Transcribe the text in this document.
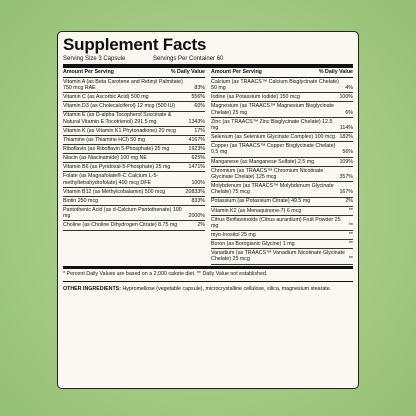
Supplement Facts
Serving Size 3 Capsule	Servings Per Container 60
Amount Per Serving	% Daily Value
Vitamin A (as Beta Carotene and Retinyl Palmitate) 750 mcg RAE	83%
Vitamin C (as Ascorbic Acid) 500 mg	556%
Vitamin D3 (as Cholecalciferol) 12 mcg (500 IU)	60%
Vitamin E (as D-alpha Tocopherol Succinate & Natural Vitamin E Tocotrienol) 291.5 mg	1343%
Vitamin K (as Vitamin K1 Phytonadione) 20 mcg	17%
Thiamine (as Thiamine HCl) 50 mg	4167%
Riboflavin (as Riboflavin 5-Phosphate) 25 mg	1923%
Niacin (as Niacinamide) 100 mg NE	625%
Vitamin B6 (as Pyridoxal-5-Phosphate) 25 mg	1471%
Folate (as Magnafolate®-C Calcium L-5-methyltetrahydrofolate) 400 mcg DFE	100%
Vitamin B12 (as Methylcobalamin) 500 mcg	20833%
Biotin 250 mcg	833%
Pantothenic Acid (as d-Calcium Pantothenate) 100 mg	2000%
Choline (as Choline Dihydrogen Citrate) 8.75 mg	2%
Amount Per Serving	% Daily Value
Calcium (as TRAACS™ Calcium Bisglycinate Chelate) 50 mg	4%
Iodine (as Potassium Iodide) 150 mcg	100%
Magnesium (as TRAACS™ Magnesium Bisglycinate Chelate) 25 mg	6%
Zinc (as TRAACS™ Zinc Bisglycinate Chelate) 12.5 mg	114%
Selenium (as Selenium Glycinate Complex) 100 mcg 182%
Copper (as TRAACS™ Copper Bisglycinate Chelate) 0.5 mg	56%
Manganese (as Manganese Sulfate) 2.5 mg	109%
Chromium (as TRAACS™ Chromium Nicotinate Glycinate Chelate) 125 mcg	357%
Molybdenum (as TRAACS™ Molybdenum Glycinate Chelate) 75 mcg	167%
Potassium (as Potassium Citrate) 49.5 mg	2%
Vitamin K2 (as Menaquinone-7) 6 mcg	**
Citrus Bioflavonoids (Citrus aurantium) Fruit Powder 25 mg	**
myo-Inositol 25 mg	**
Boron (as Borogianic Glycine) 1 mg	**
Vanadium (as TRAACS™ Vanadium Nicotinate Glycinate Chelate) 25 mcg	**
* Percent Daily Values are based on a 2,000 calorie diet. ** Daily Value not established.
OTHER INGREDIENTS: Hypromellose (vegetable capsule), microcrystalline cellulose, silica, magnesium stearate.
